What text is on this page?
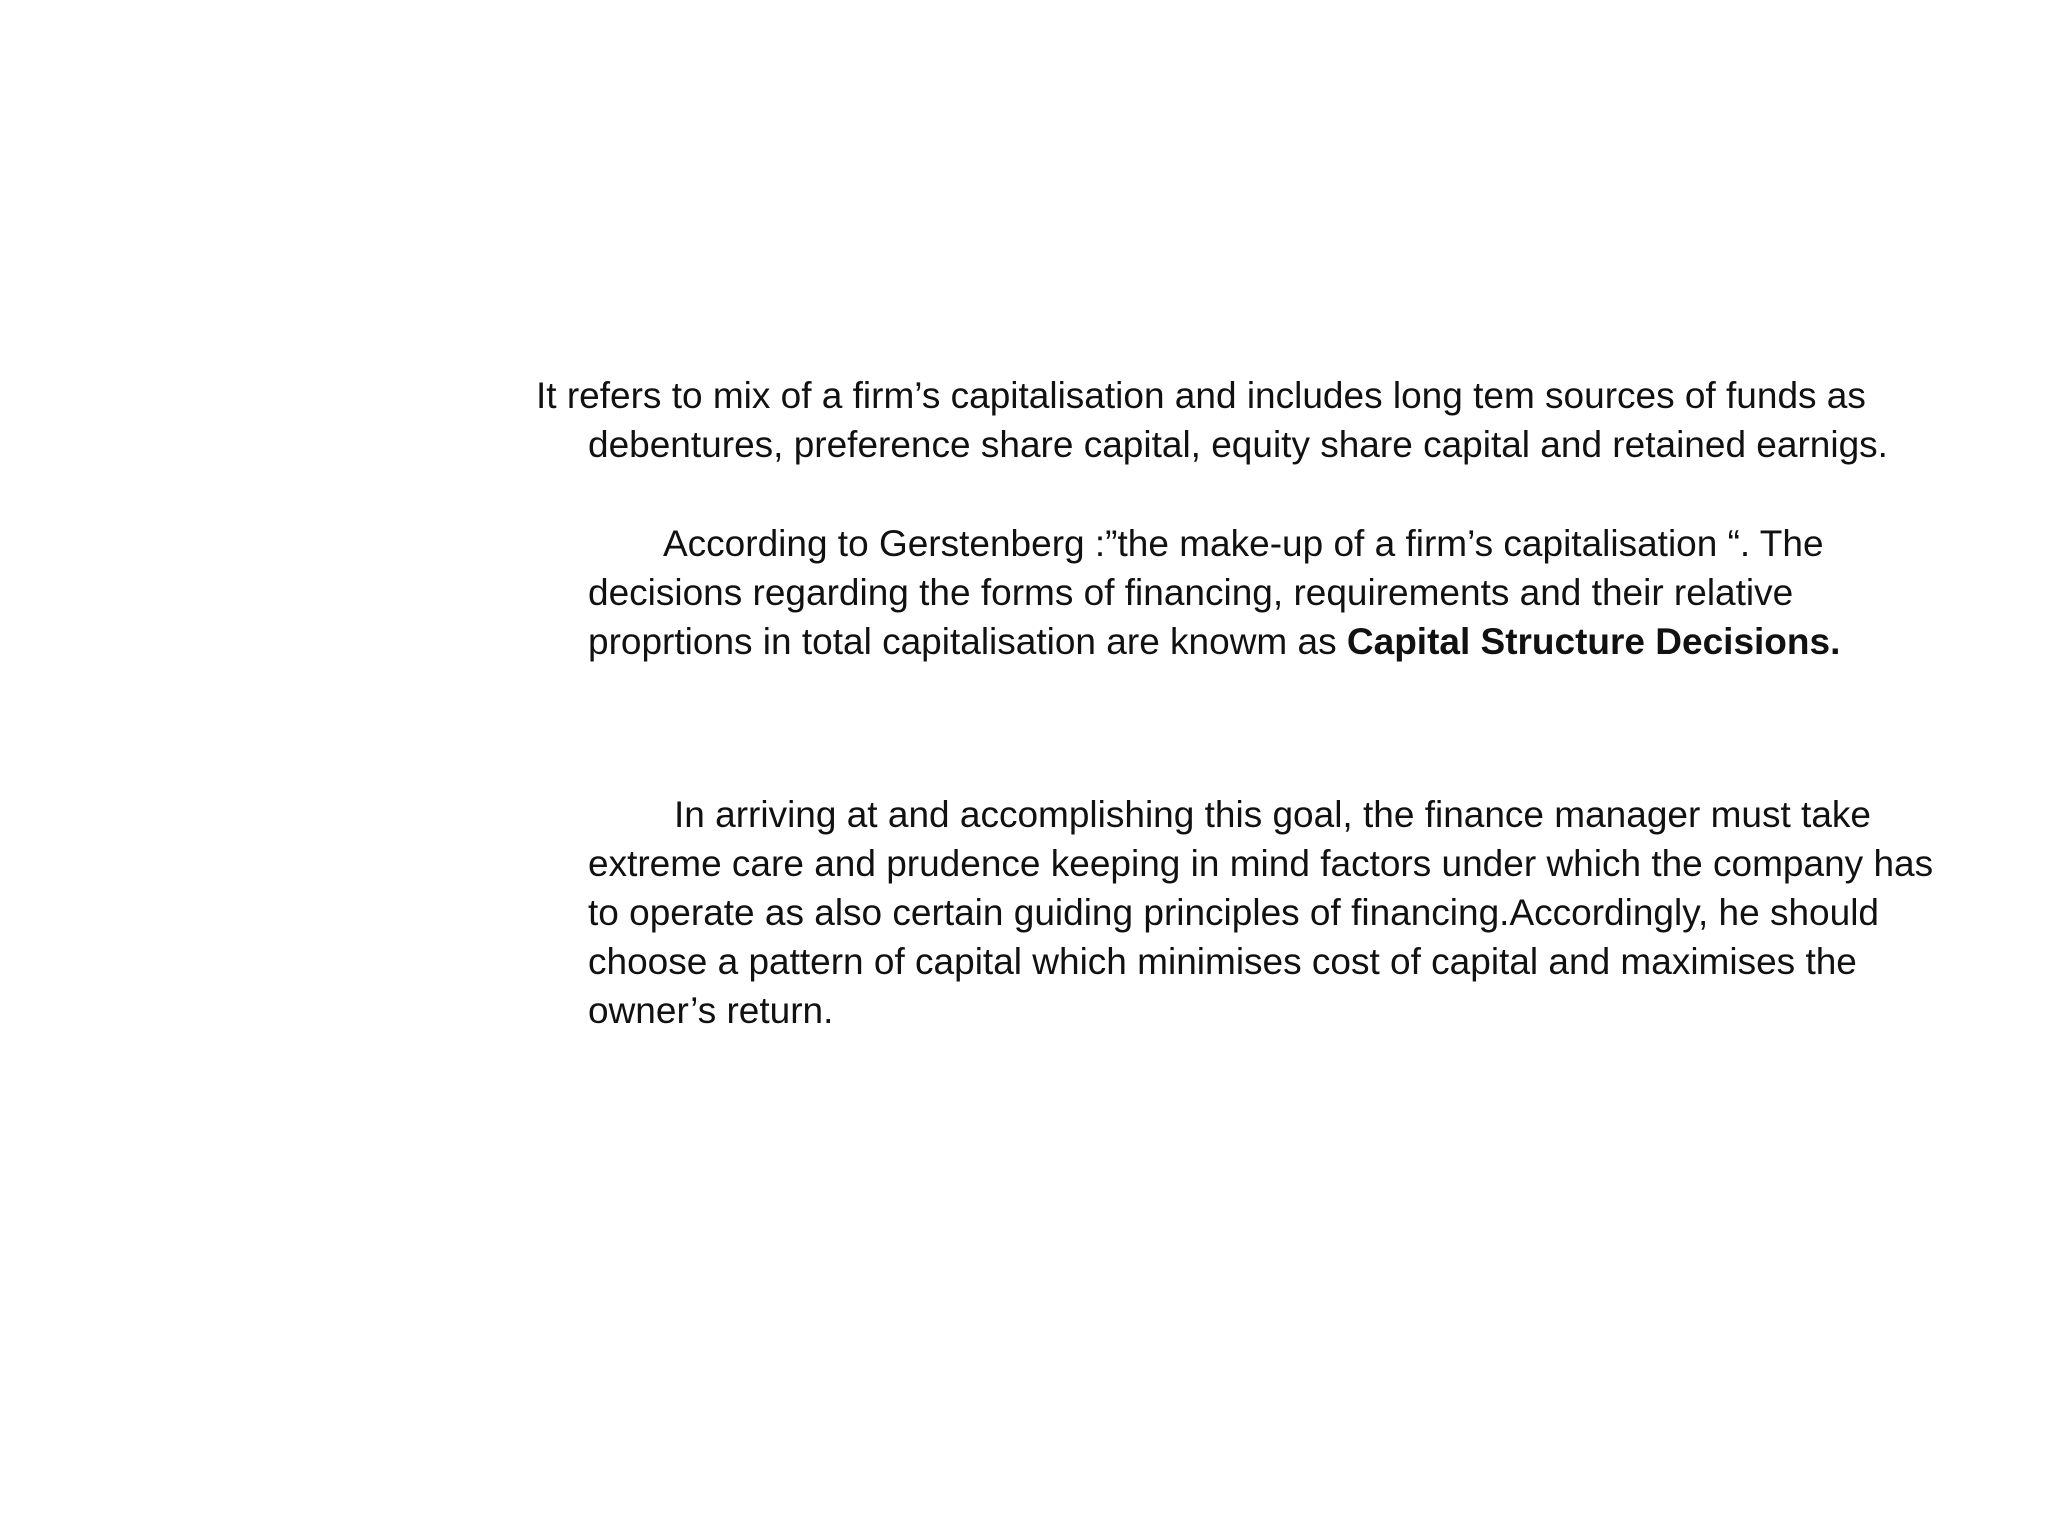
It refers to mix of a firm’s capitalisation and includes long tem sources of funds as debentures, preference share capital, equity share capital and retained earnigs.

According to Gerstenberg :”the make-up of a firm’s capitalisation “. The decisions regarding the forms of financing, requirements and their relative proprtions in total capitalisation are knowm as Capital Structure Decisions.

In arriving at and accomplishing this goal, the finance manager must take extreme care and prudence keeping in mind factors under which the company has to operate as also certain guiding principles of financing.Accordingly, he should choose a pattern of capital which minimises cost of capital and maximises the owner’s return.
